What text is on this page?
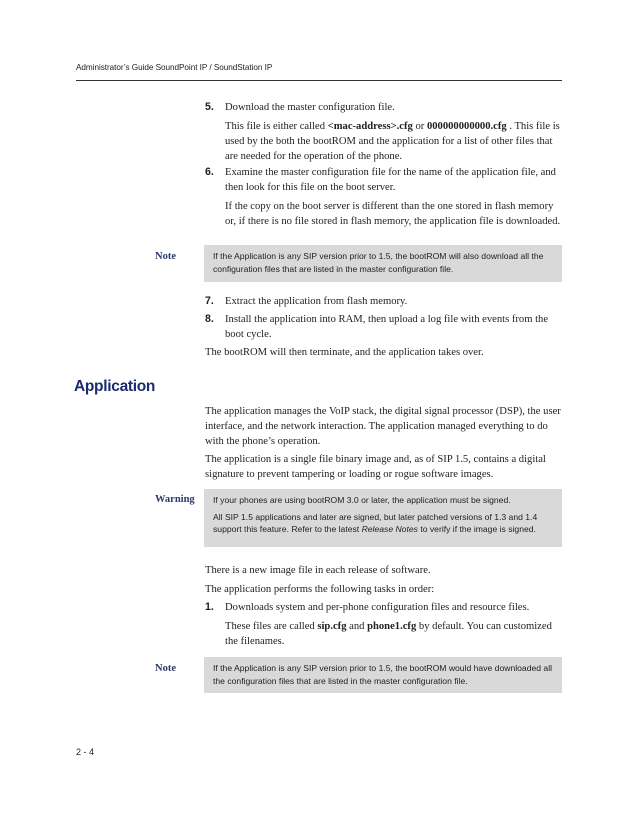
Administrator’s Guide SoundPoint IP / SoundStation IP
5. Download the master configuration file.
This file is either called <mac-address>.cfg or 000000000000.cfg . This file is used by the both the bootROM and the application for a list of other files that are needed for the operation of the phone.
6. Examine the master configuration file for the name of the application file, and then look for this file on the boot server.
If the copy on the boot server is different than the one stored in flash memory or, if there is no file stored in flash memory, the application file is downloaded.
Note	If the Application is any SIP version prior to 1.5, the bootROM will also download all the configuration files that are listed in the master configuration file.

7. Extract the application from flash memory.
8. Install the application into RAM, then upload a log file with events from the boot cycle.
The bootROM will then terminate, and the application takes over.
Application
The application manages the VoIP stack, the digital signal processor (DSP), the user interface, and the network interaction. The application managed everything to do with the phone’s operation.
The application is a single file binary image and, as of SIP 1.5, contains a digital signature to prevent tampering or loading or rogue software images.
Warning If your phones are using bootROM 3.0 or later, the application must be signed.

All SIP 1.5 applications and later are signed, but later patched versions of 1.3 and 1.4 support this feature. Refer to the latest Release Notes to verify if the image is signed.

There is a new image file in each release of software.
The application performs the following tasks in order:
1. Downloads system and per-phone configuration files and resource files.
These files are called sip.cfg and phone1.cfg by default. You can customized the filenames.
Note	If the Application is any SIP version prior to 1.5, the bootROM would have downloaded all the configuration files that are listed in the master configuration file.

2 - 4
